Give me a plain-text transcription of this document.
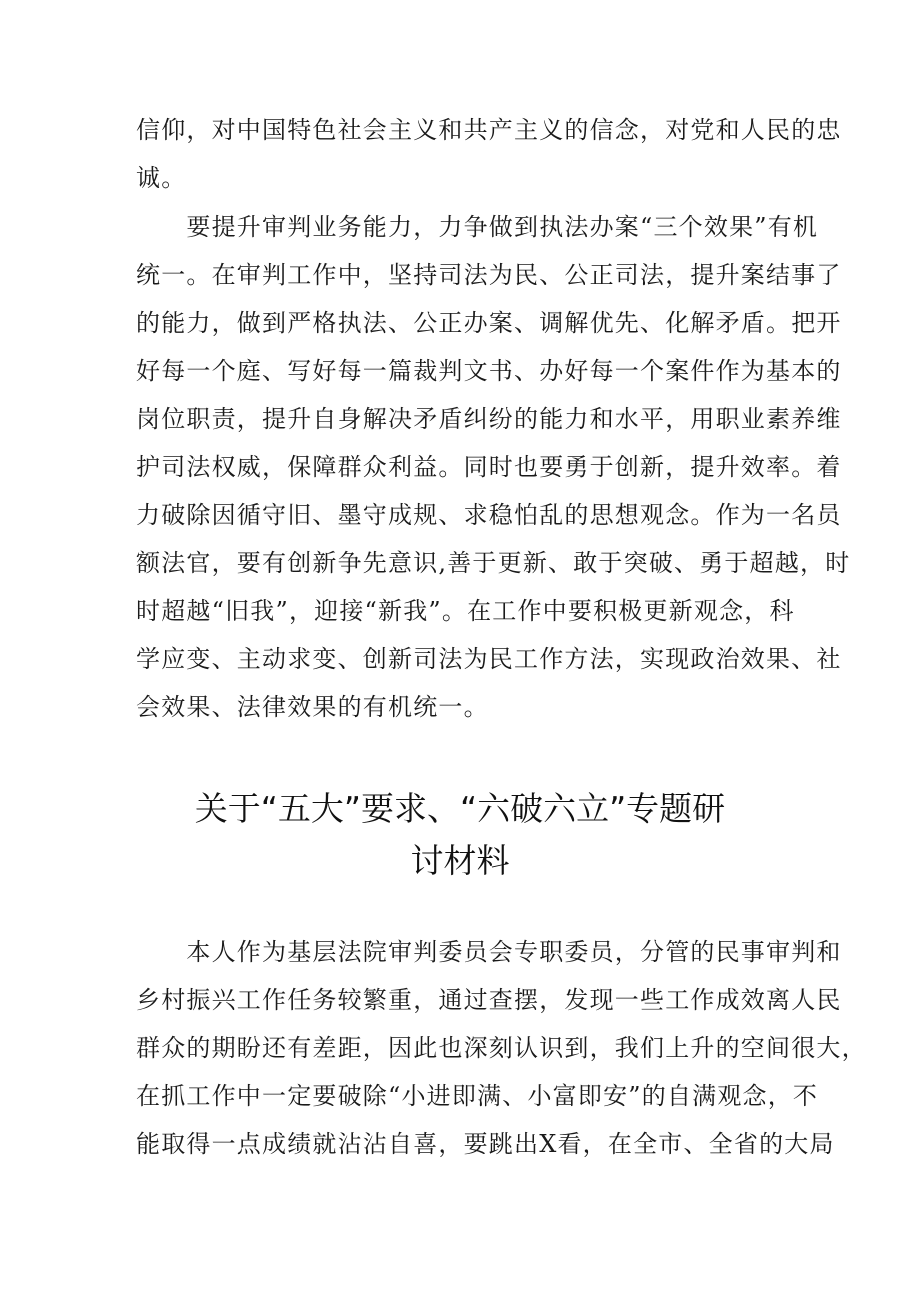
信仰，对中国特色社会主义和共产主义的信念，对党和人民的忠
诚。
　　要提升审判业务能力，力争做到执法办案“三个效果”有机
统一。在审判工作中，坚持司法为民、公正司法，提升案结事了
的能力，做到严格执法、公正办案、调解优先、化解矛盾。把开
好每一个庭、写好每一篇裁判文书、办好每一个案件作为基本的
岗位职责，提升自身解决矛盾纠纷的能力和水平，用职业素养维
护司法权威，保障群众利益。同时也要勇于创新，提升效率。着
力破除因循守旧、墨守成规、求稳怕乱的思想观念。作为一名员
额法官，要有创新争先意识,善于更新、敢于突破、勇于超越，时
时超越“旧我”，迎接“新我”。在工作中要积极更新观念，科
学应变、主动求变、创新司法为民工作方法，实现政治效果、社
会效果、法律效果的有机统一。
关于“五大”要求、“六破六立”专题研
讨材料
　　本人作为基层法院审判委员会专职委员，分管的民事审判和
乡村振兴工作任务较繁重，通过查摆，发现一些工作成效离人民
群众的期盼还有差距，因此也深刻认识到，我们上升的空间很大，
在抓工作中一定要破除“小进即满、小富即安”的自满观念，不
能取得一点成绩就沾沾自喜，要跳出X看，在全市、全省的大局
